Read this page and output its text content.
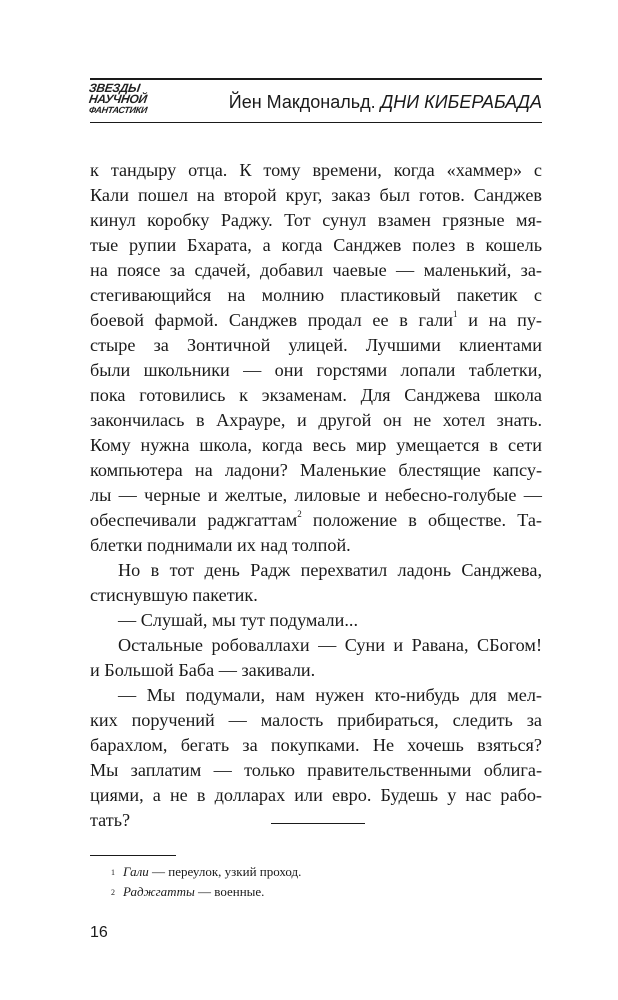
ЗВЕЗДЫ
НАУЧНОЙ
ФАНТАСТИКИ	Йен Макдональд. ДНИ КИБЕРАБАДА
к тандыру отца. К тому времени, когда «хаммер» с
Кали пошел на второй круг, заказ был готов. Санджев
кинул коробку Раджу. Тот сунул взамен грязные мя-
тые рупии Бхарата, а когда Санджев полез в кошель
на поясе за сдачей, добавил чаевые — маленький, за-
стегивающийся на молнию пластиковый пакетик с
боевой фармой. Санджев продал ее в гали$^1$ и на пу-
стыре за Зонтичной улицей. Лучшими клиентами
были школьники — они горстями лопали таблетки,
пока готовились к экзаменам. Для Санджева школа
закончилась в Ахрауре, и другой он не хотел знать.
Кому нужна школа, когда весь мир умещается в сети
компьютера на ладони? Маленькие блестящие капсу-
лы — черные и желтые, лиловые и небесно-голубые —
обеспечивали раджгаттам$^2$ положение в обществе. Та-
блетки поднимали их над толпой.
Но в тот день Радж перехватил ладонь Санджева,
стиснувшую пакетик.
— Слушай, мы тут подумали...
Остальные робоваллахи — Суни и Равана, СБогом!
и Большой Баба — закивали.
— Мы подумали, нам нужен кто-нибудь для мел-
ких поручений — малость прибираться, следить за
барахлом, бегать за покупками. Не хочешь взяться?
Мы заплатим — только правительственными облига-
циями, а не в долларах или евро. Будешь у нас рабо-
тать?
$^1$ Гали — переулок, узкий проход.
$^2$ Раджгатты — военные.
16
